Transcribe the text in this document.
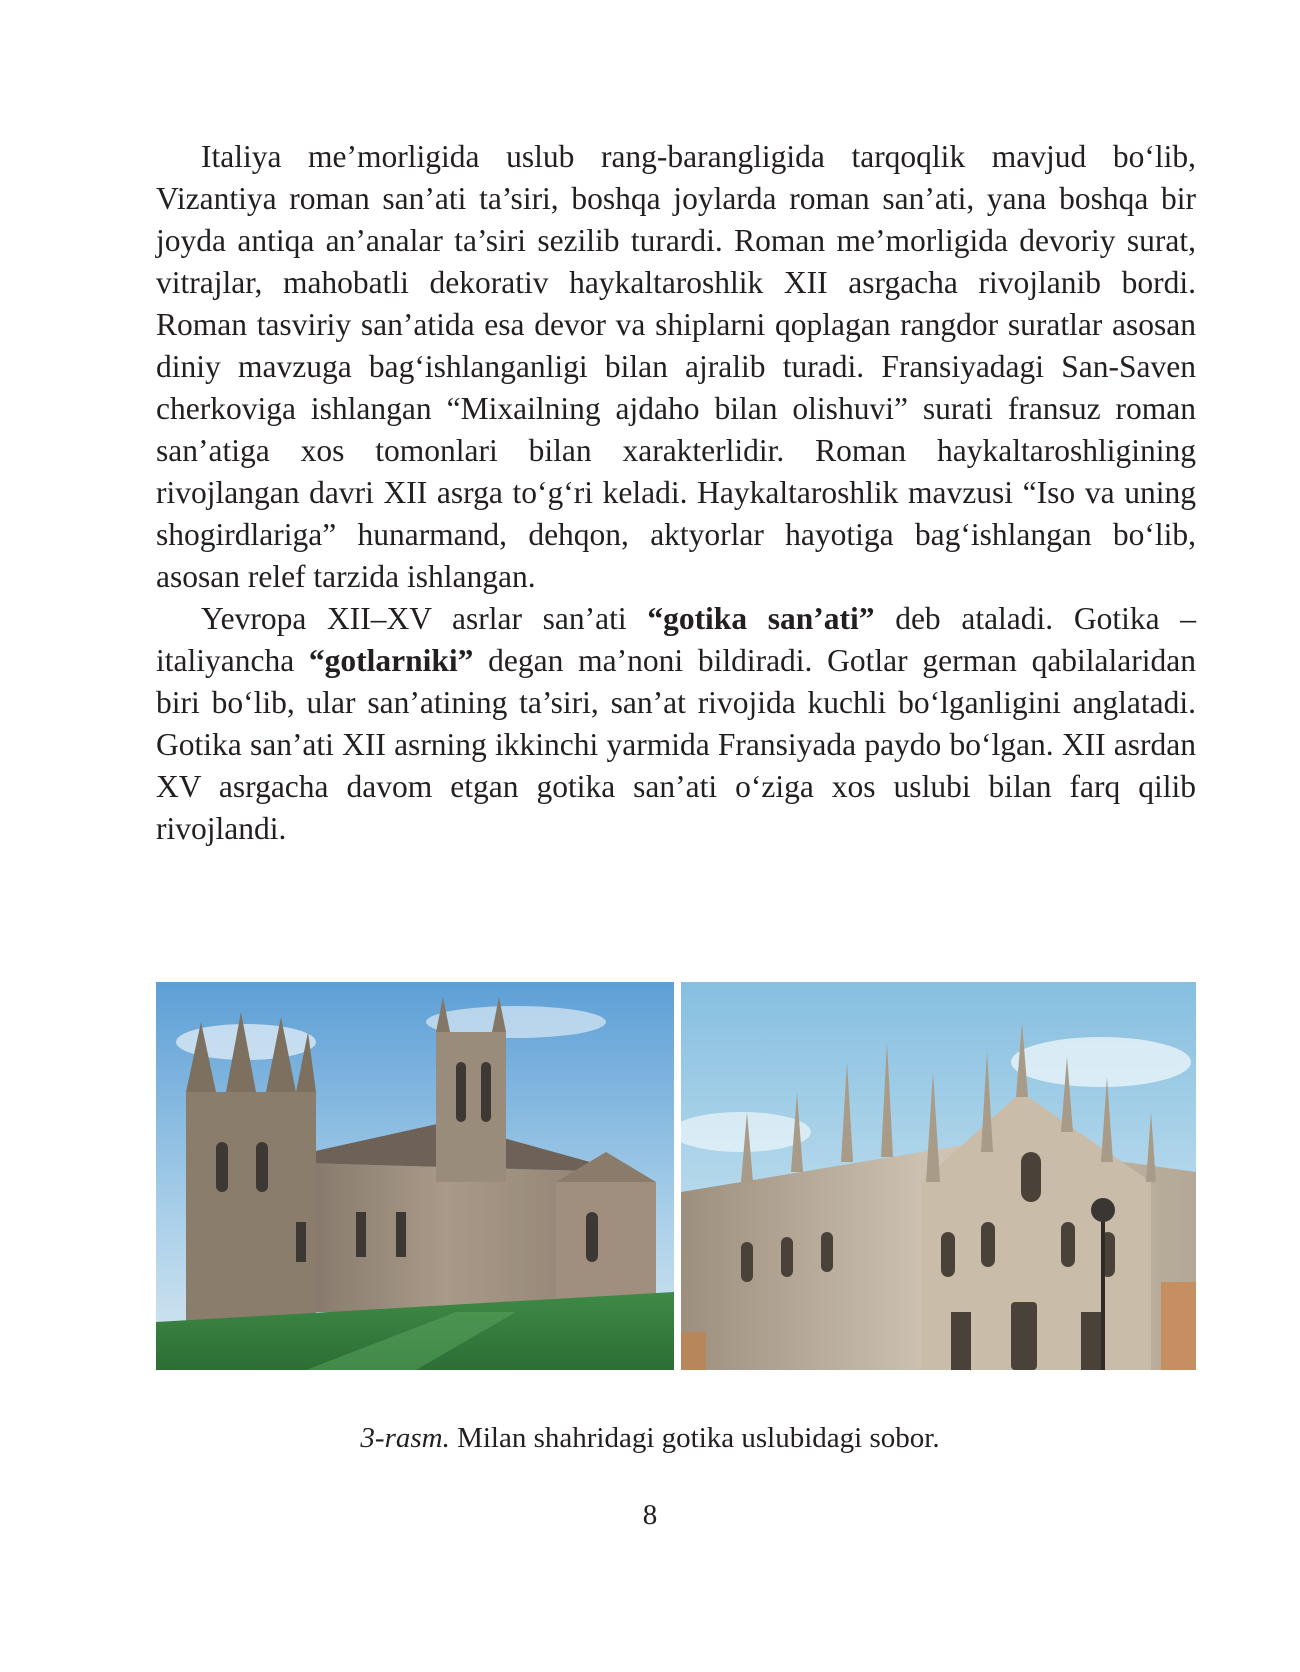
Italiya me’morligida uslub rang-barangligida tarqoqlik mavjud bo‘lib, Vizantiya roman san’ati ta’siri, boshqa joylarda roman san’ati, yana boshqa bir joyda antiqa an’analar ta’siri sezilib turardi. Roman me’morligida devoriy surat, vitrajlar, mahobatli dekorativ haykaltaroshlik XII asrgacha rivojlanib bordi. Roman tasviriy san’atida esa devor va shiplarni qoplagan rangdor suratlar asosan diniy mavzuga bag‘ishlanganligi bilan ajralib turadi. Fransiyadagi San-Saven cherkoviga ishlangan “Mixailning ajdaho bilan olishuvi” surati fransuz roman san’atiga xos tomonlari bilan xarakterlidir. Roman haykaltaroshligining rivojlangan davri XII asrga to‘g‘ri keladi. Haykaltaroshlik mavzusi “Iso va uning shogirdlariga” hunarmand, dehqon, aktyorlar hayotiga bag‘ishlangan bo‘lib, asosan relef tarzida ishlangan.

Yevropa XII–XV asrlar san’ati “gotika san’ati” deb ataladi. Gotika – italiyancha “gotlarniki” degan ma’noni bildiradi. Gotlar german qabilalaridan biri bo‘lib, ular san’atining ta’siri, san’at rivojida kuchli bo‘lganligini anglatadi. Gotika san’ati XII asrning ikkinchi yarmida Fransiyada paydo bo‘lgan. XII asrdan XV asrgacha davom etgan gotika san’ati o‘ziga xos uslubi bilan farq qilib rivojlandi.

3-rasm. Milan shahridagi gotika uslubidagi sobor.
8
